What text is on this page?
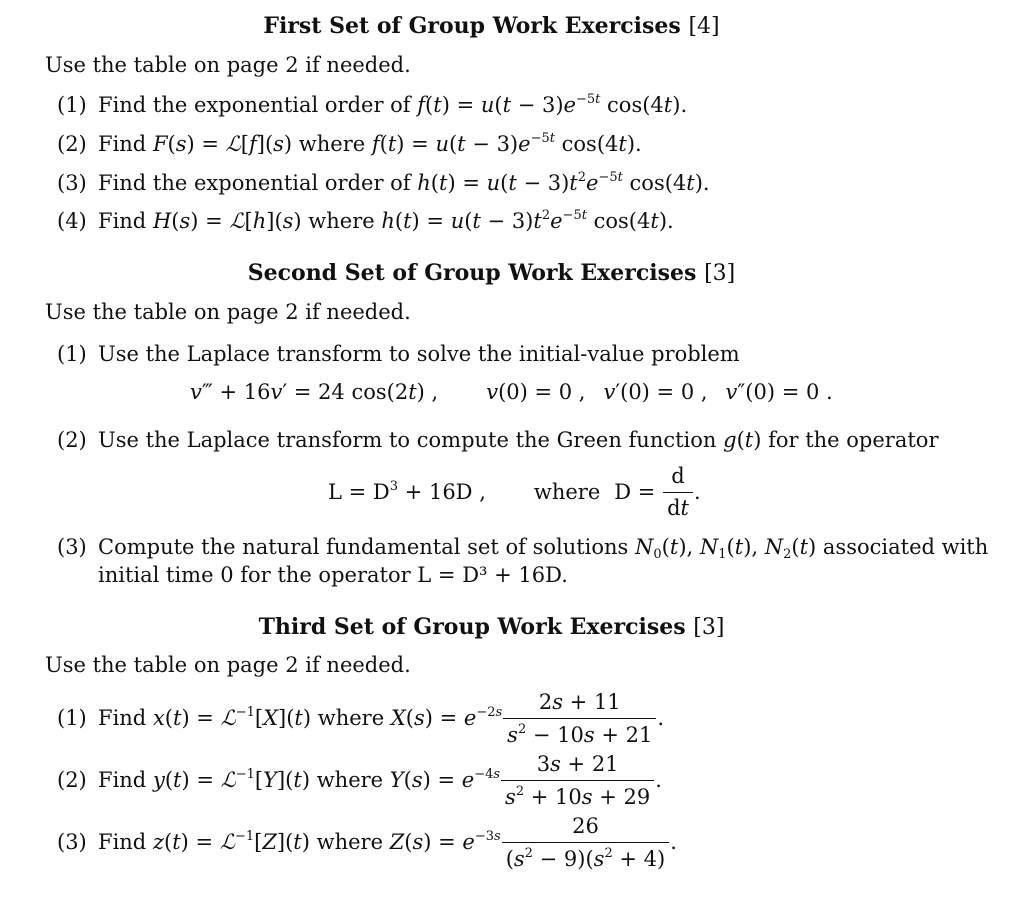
First Set of Group Work Exercises [4]
Use the table on page 2 if needed.
(1) Find the exponential order of $f(t) = u(t - 3)e^{-5t}$ cos(4t).
(2) Find F(s) = ℒ[f](s) where $f(t) = u(t - 3)e^{-5t}$ cos(4t).
(3) Find the exponential order of $h(t) = u(t - 3)t^2e^{-5t}$ cos(4t).
(4) Find H(s) = ℒ[h](s) where $h(t) = u(t - 3)t^2e^{-5t}$ cos(4t).
Second Set of Group Work Exercises [3]
Use the table on page 2 if needed.
(1) Use the Laplace transform to solve the initial-value problem
v‴ + 16v′ = 24 cos(2t) , v(0) = 0 , v′(0) = 0 , v″(0) = 0 .
(2) Use the Laplace transform to compute the Green function g(t) for the operator
$L = D^3 + 16D$ , where $D = \frac{d}{dt}$ .
(3) Compute the natural fundamental set of solutions $N_0(t)$, $N_1(t)$, $N_2(t)$ associated with
initial time 0 for the operator L = D³ + 16D.
Third Set of Group Work Exercises [3]
Use the table on page 2 if needed.
(1) Find x(t) = ℒ$^{-1}$[X](t) where $X(s) = e^{-2s} \frac{2s + 11}{s^2 - 10s + 21}$ .
(2) Find y(t) = ℒ$^{-1}$[Y](t) where $Y(s) = e^{-4s} \frac{3s + 21}{s^2 + 10s + 29}$ .
(3) Find z(t) = ℒ$^{-1}$[Z](t) where $Z(s) = e^{-3s} \frac{26}{(s^2 - 9)(s^2 + 4)}$ .
